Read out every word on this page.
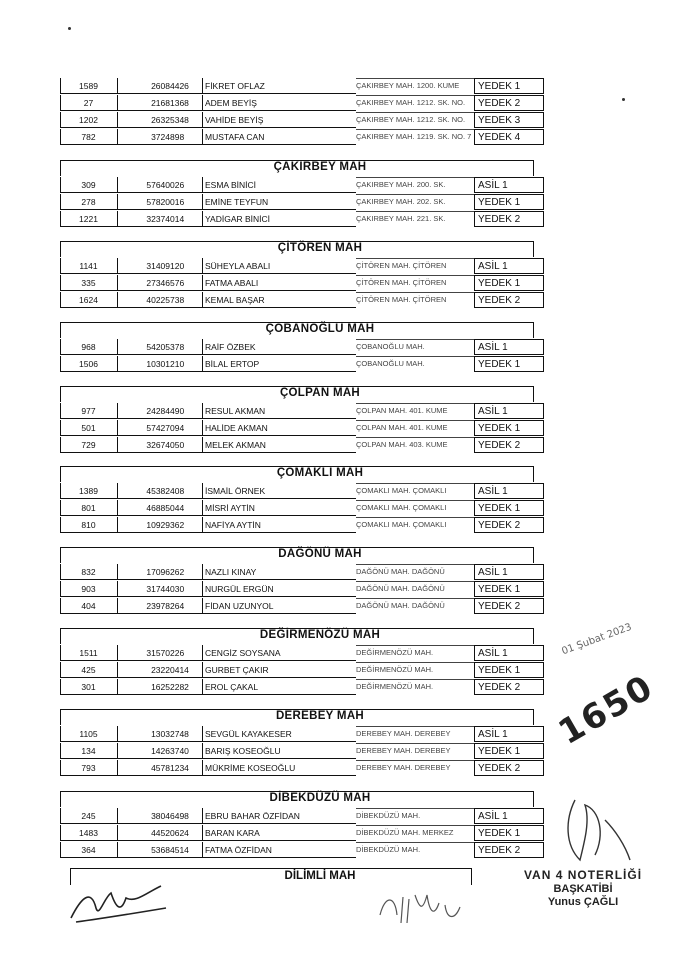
1589	2608 4426	FİKRET OFLAZ	ÇAKIRBEY MAH. 1200. KUME	YEDEK 1
27	2168 1368	ADEM BEYİŞ	ÇAKIRBEY MAH. 1212. SK. NO.	YEDEK 2
1202	2632 5348	VAHİDE BEYİŞ	ÇAKIRBEY MAH. 1212. SK. NO.	YEDEK 3
782	3724 898	MUSTAFA CAN	ÇAKIRBEY MAH. 1219. SK. NO. 7 YEDEK 4
ÇAKIRBEY MAH
309	57640 026	ESMA BİNİCİ	ÇAKIRBEY MAH. 200. SK.	ASİL 1
278	57820 016	EMİNE TEYFUN	ÇAKIRBEY MAH. 202. SK.	YEDEK 1
1221	32374 014	YADİGAR BİNİCİ	ÇAKIRBEY MAH. 221. SK.	YEDEK 2
ÇİTÖREN MAH
1141	31409 120	SÜHEYLA ABALI	ÇİTÖREN MAH. ÇİTÖREN	ASİL 1
335	27346 576	FATMA ABALI	ÇİTÖREN MAH. ÇİTÖREN	YEDEK 1
1624	40225 738	KEMAL BAŞAR	ÇİTÖREN MAH. ÇİTÖREN	YEDEK 2
ÇOBANOĞLU MAH
968	54205 378	RAİF ÖZBEK	ÇOBANOĞLU MAH.	ASİL 1
1506	10301 210	BİLAL ERTOP	ÇOBANOĞLU MAH.	YEDEK 1
ÇOLPAN MAH
977	24284 490	RESUL AKMAN	ÇOLPAN MAH. 401. KUME	ASİL 1
501	57427 094	HALİDE AKMAN	ÇOLPAN MAH. 401. KUME	YEDEK 1
729	32674 050	MELEK AKMAN	ÇOLPAN MAH. 403. KUME	YEDEK 2
ÇOMAKLI MAH
1389	45382 408	İSMAİL ÖRNEK	ÇOMAKLI MAH. ÇOMAKLI	ASİL 1
801	46885 044	MİSRİ AYTİN	ÇOMAKLI MAH. ÇOMAKLI	YEDEK 1
810	10929 362	NAFİYA AYTİN	ÇOMAKLI MAH. ÇOMAKLI	YEDEK 2
DAĞÖNÜ MAH
832	17096 262	NAZLI KINAY	DAĞÖNÜ MAH. DAĞÖNÜ	ASİL 1
903	31744 030	NURGÜL ERGÜN	DAĞÖNÜ MAH. DAĞÖNÜ	YEDEK 1
404	23978 264	FİDAN UZUNYOL	DAĞÖNÜ MAH. DAĞÖNÜ	YEDEK 2
DEĞİRMENÖZÜ MAH
1511	31570 226	CENGİZ SOYSANA	DEĞİRMENÖZÜ MAH.	ASİL 1
425	2322 0414	GURBET ÇAKIR	DEĞİRMENÖZÜ MAH.	YEDEK 1
301	1625 2282	EROL ÇAKAL	DEĞİRMENÖZÜ MAH.	YEDEK 2
DEREBEY MAH
1105	1303 2748	SEVGÜL KAYAKESER	DEREBEY MAH. DEREBEY	ASİL 1
134	1426 3740	BARIŞ KOSEOĞLU	DEREBEY MAH. DEREBEY	YEDEK 1
793	4578 1234	MÜKRİME KOSEOĞLU	DEREBEY MAH. DEREBEY	YEDEK 2
DİBEKDÜZÜ MAH
245	3804 6498	EBRU BAHAR ÖZFİDAN	DİBEKDÜZÜ MAH.	ASİL 1
1483	4452 0624	BARAN KARA	DİBEKDÜZÜ MAH. MERKEZ	YEDEK 1
364	5368 4514	FATMA ÖZFİDAN	DİBEKDÜZÜ MAH.	YEDEK 2
DİLİMLİ MAH
01 Şubat 2023
1650
VAN 4 NOTERLİĞİ
BAŞKATİBİ
Yunus ÇAĞLI
